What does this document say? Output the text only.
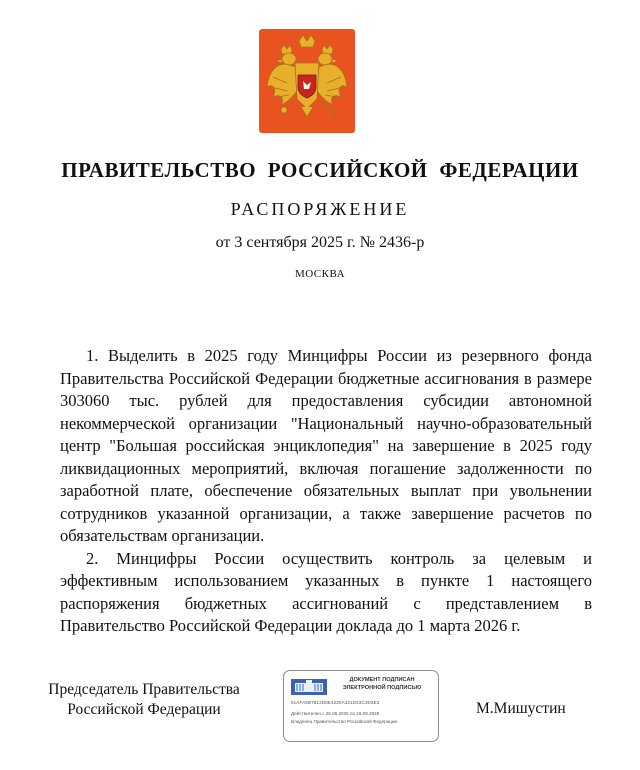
ПРАВИТЕЛЬСТВО РОССИЙСКОЙ ФЕДЕРАЦИИ
РАСПОРЯЖЕНИЕ
от 3 сентября 2025 г. № 2436-р
МОСКВА

1. Выделить в 2025 году Минцифры России из резервного фонда Правительства Российской Федерации бюджетные ассигнования в размере 303060 тыс. рублей для предоставления субсидии автономной некоммерческой организации "Национальный научно-образовательный центр "Большая российская энциклопедия" на завершение в 2025 году ликвидационных мероприятий, включая погашение задолженности по заработной плате, обеспечение обязательных выплат при увольнении сотрудников указанной организации, а также завершение расчетов по обязательствам организации.

2. Минцифры России осуществить контроль за целевым и эффективным использованием указанных в пункте 1 настоящего распоряжения бюджетных ассигнований с представлением в Правительство Российской Федерации доклада до 1 марта 2026 г.

Председатель Правительства
Российской Федерации
ДОКУМЕНТ ПОДПИСАН
ЭЛЕКТРОННОЙ ПОДПИСЬЮ
51AFA8B7812D8E4220A321D43C3D3E3
Действителен с 26.06.2025 по 19.09.2026
Владелец Правительство Российской Федерации
М.Мишустин
